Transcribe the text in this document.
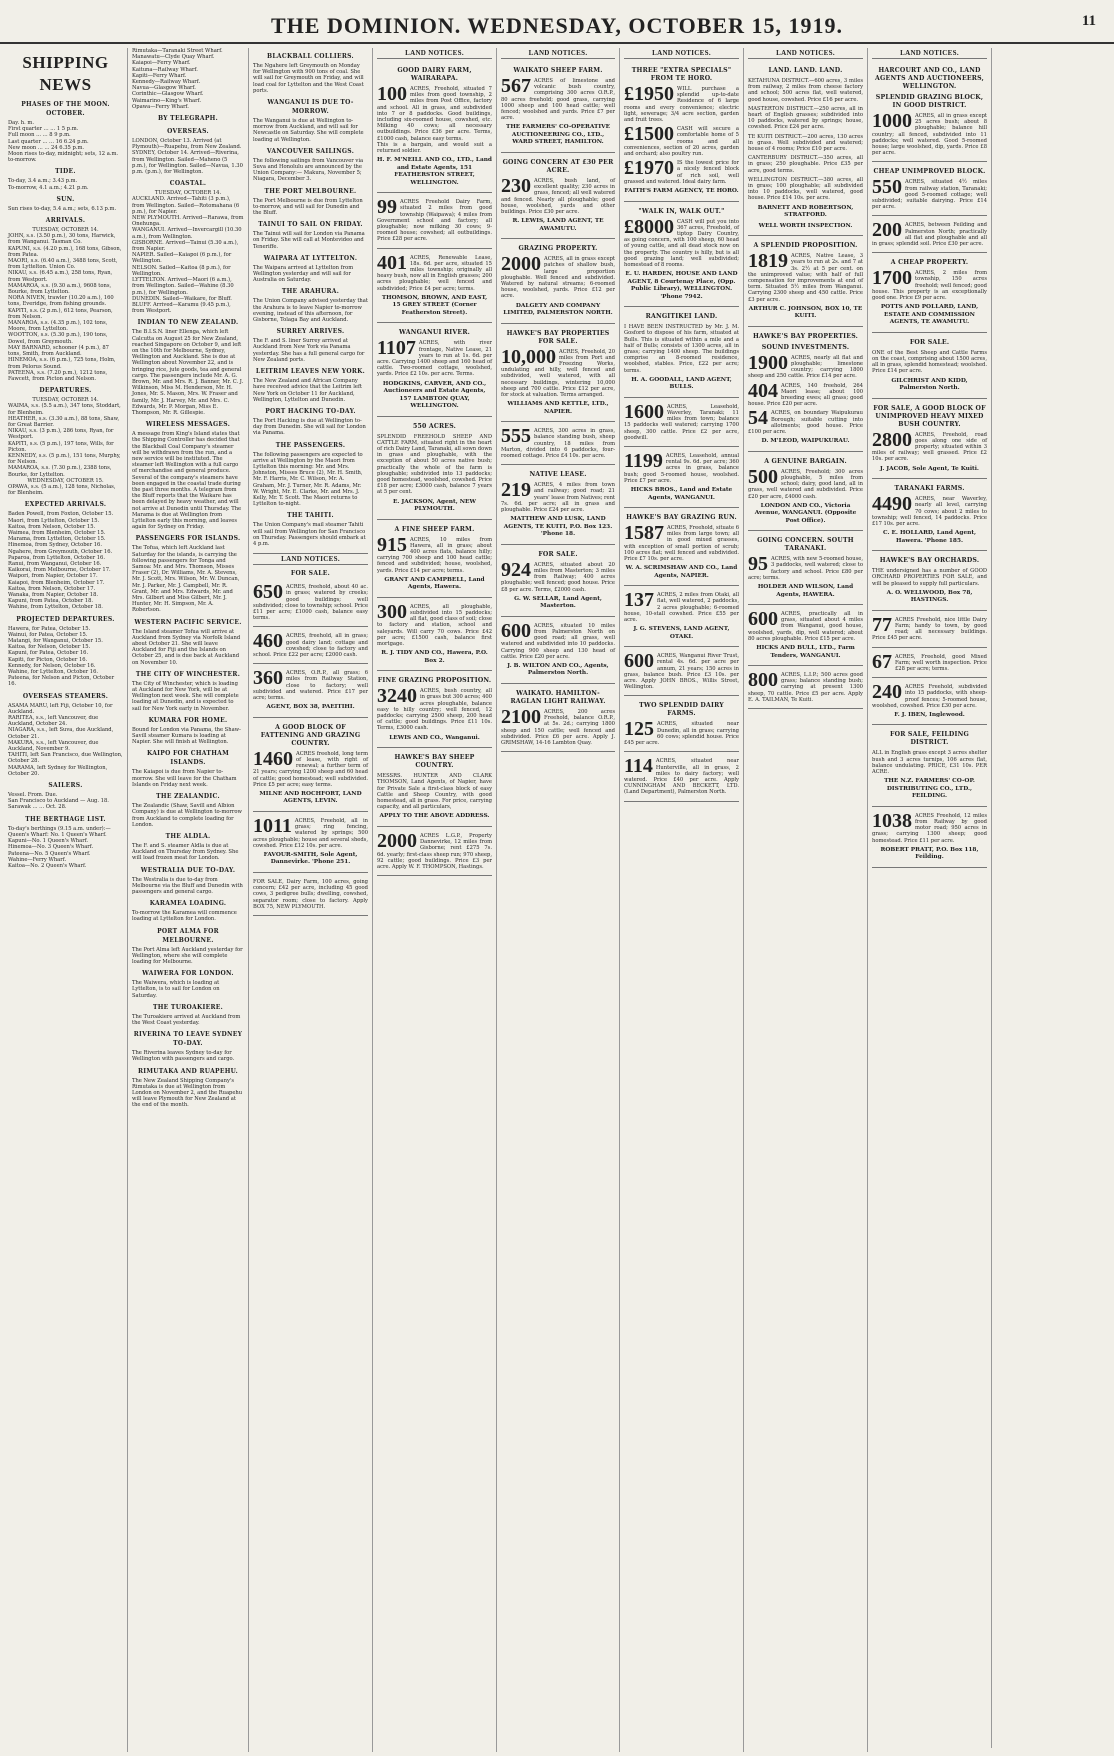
THE DOMINION. WEDNESDAY, OCTOBER 15, 1919.	11
SHIPPING NEWS
PHASES OF THE MOON. OCTOBER.
Day. h. m.
First quarter ... ... 1 5 p.m.
Full moon ... ... 8 9 p.m.
Last quarter ... ... 16 6.24 p.m.
New moon ... ... 24 6.35 p.m.
Moon rises to-day, midnight; sets, 12 a.m. to-morrow.
TIDE.
To-day, 3.4 a.m.; 3.43 p.m.
To-morrow, 4.1 a.m.; 4.21 p.m.
SUN.
Sun rises to-day, 5.4 a.m.; sets, 6.13 p.m.
ARRIVALS.
TUESDAY, OCTOBER 14.
JOHN, s.s. (3.50 p.m.), 30 tons, Harwick, from Wanganui. Tasman Co.
KAPUNI, s.s. (4.20 p.m.), 168 tons, Gibson, from Patea.
MAORI, s.s. (6.40 a.m.), 3488 tons, Scott, from Lyttelton. Union Co.
NIKAU, s.s. (6.45 a.m.), 258 tons, Ryan, from Westport.
MAMAROA, s.s. (9.30 a.m.), 9608 tons, Bourke, from Lyttelton.
NORA NIVEN, trawler (10.20 a.m.), 160 tons, Everidge, from fishing grounds.
KAPITI, s.s. (2 p.m.), 612 tons, Pearson, from Nelson.
MANAROA, s.s. (4.35 p.m.), 102 tons, Moore, from Lyttelton.
WOOTTON, s.s. (5.30 p.m.), 190 tons, Dowel, from Greymouth.
MAY BARNARD, schooner (4 p.m.), 87 tons, Smith, from Auckland.
HINEMOA, s.s. (6 p.m.), 725 tons, Holm, from Pelorus Sound.
PATEENA, s.s. (7.20 p.m.), 1212 tons, Fawcett, from Picton and Nelson.
DEPARTURES.
TUESDAY, OCTOBER 14.
WAIMA, s.s. (5.5 a.m.), 347 tons, Stoddart, for Blenheim.
HEATHER, s.s. (3.30 a.m.), 88 tons, Shaw, for Great Barrier.
NIKAU, s.s. (3 p.m.), 286 tons, Ryan, for Westport.
KAPITI, s.s. (5 p.m.), 197 tons, Wills, for Picton.
KENNEDY, s.s. (5 p.m.), 151 tons, Murphy, for Nelson.
MAMAROA, s.s. (7.30 p.m.), 2388 tons, Bourke, for Lyttelton.
WEDNESDAY, OCTOBER 15.
OPAWA, s.s. (5 a.m.), 128 tons, Nicholas, for Blenheim.
EXPECTED ARRIVALS.
Baden Powell, from Foxton, October 15.
Maori, from Lyttelton, October 15.
Kaitoa, from Nelson, October 15.
Waimea, from Blenheim, October 15.
Marama, from Lyttelton, October 15.
Hinemoa, from Sydney, October 16.
Ngahere, from Greymouth, October 16.
Paparoa, from Lyttelton, October 16.
Ranui, from Wanganui, October 16.
Kaikorai, from Melbourne, October 17.
Waipori, from Napier, October 17.
Kaiapoi, from Blenheim, October 17.
Kaitoa, from Nelson, October 17.
Wanaka, from Napier, October 18.
Kapuni, from Patea, October 18.
Wahine, from Lyttelton, October 18.
PROJECTED DEPARTURES.
Hawera, for Patea, October 15.
Wainui, for Patea, October 15.
Matangi, for Wanganui, October 15.
Kaitoa, for Nelson, October 15.
Kapuni, for Patea, October 16.
Kapiti, for Picton, October 16.
Kennedy, for Nelson, October 16.
Wahine, for Lyttelton, October 16.
Pateena, for Nelson and Picton, October 16.
OVERSEAS STEAMERS.
ASAMA MARU, left Fiji, October 10, for Auckland.
RARITEA, s.s., left Vancouver, due Auckland, October 24.
NIAGARA, s.s., left Suva, due Auckland, October 21.
MAKURA, s.s., left Vancouver, due Auckland, November 9.
TAHITI, left San Francisco, due Wellington, October 28.
MARAMA, left Sydney for Wellington, October 20.
SAILERS.
Vessel. From. Due.
San Francisco to Auckland — Aug. 18.
Sarawak ... ... Oct. 28.
THE BERTHAGE LIST.
To-day's berthings (9.15 a.m. under):—
Queen's Wharf: No. 1 Queen's Wharf.
Kapuni—No. 1 Queen's Wharf.
Hinemoa—No. 3 Queen's Wharf.
Pateena—No. 5 Queen's Wharf.
Wahine—Ferry Wharf.
Kaitoa—No. 2 Queen's Wharf.
Rimutaka—Taranaki Street Wharf.
Manawatu—Clyde Quay Wharf.
Kaiapoi—Ferry Wharf.
Kaituna—Railway Wharf.
Kapiti—Ferry Wharf.
Kennedy—Railway Wharf.
Navua—Glasgow Wharf.
Corinthic—Glasgow Wharf.
Waimarino—King's Wharf.
Opawa—Ferry Wharf.
BY TELEGRAPH.
OVERSEAS.

LONDON, October 13. Arrived (at Plymouth)—Ruapehu, from New Zealand.

SYDNEY, October 14. Arrived—Riverina, from Wellington. Sailed—Maheno (5 p.m.), for Wellington. Sailed—Navua, 1.30 p.m. (p.m.), for Wellington.

COASTAL.
TUESDAY, OCTOBER 14.
AUCKLAND. Arrived—Tahiti (3 p.m.), from Wellington. Sailed—Rotomahana (6 p.m.), for Napier.
NEW PLYMOUTH. Arrived—Rarawa, from Onehunga.
WANGANUI. Arrived—Invercargill (10.30 a.m.), from Wellington.
GISBORNE. Arrived—Tainui (5.30 a.m.), from Napier.
NAPIER. Sailed—Kaiapoi (6 p.m.), for Wellington.
NELSON. Sailed—Kaitoa (8 p.m.), for Wellington.
LYTTELTON. Arrived—Maori (6 a.m.), from Wellington. Sailed—Wahine (8.30 p.m.), for Wellington.
DUNEDIN. Sailed—Waikare, for Bluff.
BLUFF. Arrived—Karamu (9.45 p.m.), from Westport.
INDIAN TO NEW ZEALAND.

The B.I.S.N. liner Ellenga, which left Calcutta on August 25 for New Zealand, reached Singapore on October 9, and left on the 10th for Melbourne, Sydney, Wellington and Auckland. She is due at Wellington about November 22, and is bringing rice, jute goods, tea and general cargo. The passengers include Mr. A. G. Brown, Mr. and Mrs. R. J. Banner, Mr. C. J. Wilkinson, Miss M. Henderson, Mr. H. Jones, Mr. S. Mason, Mrs. W. Fraser and family, Mr. J. Harvey, Mr. and Mrs. C. Edwards, Mr. P. Morgan, Miss E. Thompson, Mr. R. Gillespie.

WIRELESS MESSAGES.

A message from King's Island states that the Shipping Controller has decided that the Blackball Coal Company's steamer will be withdrawn from the run, and a new service will be instituted. The steamer left Wellington with a full cargo of merchandise and general produce. Several of the company's steamers have been engaged in the coastal trade during the past three months. A telegram from the Bluff reports that the Waikare has been delayed by heavy weather, and will not arrive at Dunedin until Thursday. The Marama is due at Wellington from Lyttelton early this morning, and leaves again for Sydney on Friday.

PASSENGERS FOR ISLANDS.

The Tofua, which left Auckland last Saturday for the islands, is carrying the following passengers for Tonga and Samoa: Mr. and Mrs. Thomson, Misses Fraser (2), Dr. Williams, Mr. A. Stevens, Mr. J. Scott, Mrs. Wilson, Mr. W. Duncan, Mr. J. Parker, Mr. J. Campbell, Mr. R. Grant, Mr. and Mrs. Edwards, Mr. and Mrs. Gilbert and Miss Gilbert, Mr. J. Hunter, Mr. H. Simpson, Mr. A. Robertson.

WESTERN PACIFIC SERVICE.

The Island steamer Tofua will arrive at Auckland from Sydney via Norfolk Island about October 21. She will leave Auckland for Fiji and the Islands on October 25, and is due back at Auckland on November 10.

THE CITY OF WINCHESTER.

The City of Winchester, which is loading at Auckland for New York, will be at Wellington next week. She will complete loading at Dunedin, and is expected to sail for New York early in November.

KUMARA FOR HOME.

Bound for London via Panama, the Shaw-Savill steamer Kumara is loading at Napier. She will finish at Wellington.

KAIPO FOR CHATHAM ISLANDS.

The Kaiapoi is due from Napier to-morrow. She will leave for the Chatham Islands on Friday next week.

THE ZEALANDIC.

The Zealandic (Shaw, Savill and Albion Company) is due at Wellington to-morrow from Auckland to complete loading for London.

THE ALDLA.

The F. and S. steamer Aldla is due at Auckland on Thursday from Sydney. She will load frozen meat for London.

WESTRALIA DUE TO-DAY.

The Westralia is due to-day from Melbourne via the Bluff and Dunedin with passengers and general cargo.

KARAMEA LOADING.

To-morrow the Karamea will commence loading at Lyttelton for London.

PORT ALMA FOR MELBOURNE.

The Port Alma left Auckland yesterday for Wellington, where she will complete loading for Melbourne.

WAIWERA FOR LONDON.

The Waiwera, which is loading at Lyttelton, is to sail for London on Saturday.

THE TUROAKIERE.

The Turoakiere arrived at Auckland from the West Coast yesterday.

RIVERINA TO LEAVE SYDNEY TO-DAY.

The Riverina leaves Sydney to-day for Wellington with passengers and cargo.

RIMUTAKA AND RUAPEHU.

The New Zealand Shipping Company's Rimutaka is due at Wellington from London on November 2, and the Ruapehu will leave Plymouth for New Zealand at the end of the month.

BLACKBALL COLLIERS.

The Ngahere left Greymouth on Monday for Wellington with 900 tons of coal. She will sail for Greymouth on Friday, and will load coal for Lyttelton and the West Coast ports.

WANGANUI IS DUE TO-MORROW.

The Wanganui is due at Wellington to-morrow from Auckland, and will sail for Newcastle on Saturday. She will complete loading at Wellington.

VANCOUVER SAILINGS.

The following sailings from Vancouver via Suva and Honolulu are announced by the Union Company:— Makura, November 5; Niagara, December 3.

THE PORT MELBOURNE.

The Port Melbourne is due from Lyttelton to-morrow, and will sail for Dunedin and the Bluff.

TAINUI TO SAIL ON FRIDAY.

The Tainui will sail for London via Panama on Friday. She will call at Montevideo and Teneriffe.

WAIPARA AT LYTTELTON.

The Waipara arrived at Lyttelton from Wellington yesterday and will sail for Australia on Saturday.

THE ARAHURA.

The Union Company advised yesterday that the Arahura is to leave Napier to-morrow evening, instead of this afternoon, for Gisborne, Tolaga Bay and Auckland.

SURREY ARRIVES.

The F. and S. liner Surrey arrived at Auckland from New York via Panama yesterday. She has a full general cargo for New Zealand ports.

LEITRIM LEAVES NEW YORK.

The New Zealand and African Company have received advice that the Leitrim left New York on October 11 for Auckland, Wellington, Lyttelton and Dunedin.

PORT HACKING TO-DAY.

The Port Hacking is due at Wellington to-day from Dunedin. She will sail for London via Panama.

THE PASSENGERS.

The following passengers are expected to arrive at Wellington by the Maori from Lyttelton this morning: Mr. and Mrs. Johnston, Misses Bruce (2), Mr. H. Smith, Mr. F. Harris, Mr. C. Wilson, Mr. A. Graham, Mr. J. Turner, Mr. R. Adams, Mr. W. Wright, Mr. E. Clarke, Mr. and Mrs. J. Kelly, Mr. T. Scott. The Maori returns to Lyttelton to-night.

THE TAHITI.

The Union Company's mail steamer Tahiti will sail from Wellington for San Francisco on Thursday. Passengers should embark at 4 p.m.

LAND NOTICES.
FOR SALE.
650 ACRES, freehold, about 40 ac. in grass; watered by creeks; good buildings; well subdivided; close to township; school. Price £11 per acre; £1000 cash, balance easy terms.
460 ACRES, freehold, all in grass; good dairy land; cottage and cowshed; close to factory and school. Price £22 per acre; £2000 cash.
360 ACRES, O.R.P., all grass; 6 miles from Railway Station, close to factory; well subdivided and watered. Price £17 per acre; terms.
AGENT, BOX 38, PAEITIHI.
A GOOD BLOCK OF FATTENING AND GRAZING COUNTRY.
1460 ACRES freehold, long term of lease, with right of renewal; a further term of 21 years; carrying 1200 sheep and 60 head of cattle; good homestead; well subdivided. Price £5 per acre; easy terms.
MILNE AND ROCHFORT, LAND AGENTS, LEVIN.
1011 ACRES, Freehold, all in grass; ring fencing, watered by springs; 500 acres ploughable; house and several sheds, cowshed. Price £12 10s. per acre.
FAVOUR-SMITH, Sole Agent, Dannevirke. 'Phone 251.
FOR SALE, Dairy Farm, 100 acres, going concern; £42 per acre, including 45 good cows, 3 pedigree bulls; dwelling, cowshed, separator room; close to factory. Apply BOX 75, NEW PLYMOUTH.
LAND NOTICES.
GOOD DAIRY FARM, WAIRARAPA.
100 ACRES, Freehold, situated 7 miles from good township, 2 miles from Post Office, factory and school. All in grass, and subdivided into 7 or 8 paddocks. Good buildings, including six-roomed house, cowshed, etc. Milking 40 cows; all necessary outbuildings. Price £36 per acre. Terms, £1000 cash, balance easy terms.

This is a bargain, and would suit a returned soldier.

H. F. M'NEILL AND CO., LTD., Land and Estate Agents, 151 FEATHERSTON STREET, WELLINGTON.
99 ACRES Freehold Dairy Farm, situated 2 miles from good township (Waipawa); 4 miles from Government school and factory; all ploughable; now milking 30 cows; 9-roomed house; cowshed; all outbuildings. Price £28 per acre.
401 ACRES, Renewable Lease, 18s. 6d. per acre, situated 15 miles township; originally all heavy bush, now all in English grasses; 200 acres ploughable; well fenced and subdivided; Price £4 per acre; terms.
THOMSON, BROWN, AND EAST, 15 GREY STREET (Corner Featherston Street).
WANGANUI RIVER.
1107 ACRES, with river frontage, Native Lease, 21 years to run at 1s. 6d. per acre. Carrying 1400 sheep and 160 head of cattle. Two-roomed cottage, woolshed, yards. Price £2 10s. per acre. Terms.
HODGKINS, CARVER, AND CO., Auctioneers and Estate Agents, 157 LAMBTON QUAY, WELLINGTON.
550 ACRES.
SPLENDID FREEHOLD SHEEP AND CATTLE FARM, situated right in the heart of rich Dairy Land, Taranaki, all sown down in grass and ploughable, with the exception of about 50 acres native bush; practically the whole of the farm is ploughable; subdivided into 13 paddocks; good homestead, woolshed, cowshed. Price £18 per acre; £3000 cash, balance 7 years at 5 per cent.
E. JACKSON, Agent, NEW PLYMOUTH.
A FINE SHEEP FARM.
915 ACRES, 10 miles from Hawera, all in grass; about 400 acres flats, balance hilly; carrying 700 sheep and 100 head cattle; fenced and subdivided; house, woolshed, yards. Price £14 per acre; terms.
GRANT AND CAMPBELL, Land Agents, Hawera.
300 ACRES, all ploughable, subdivided into 15 paddocks; all flat, good class of soil; close to factory and station, school and saleyards. Will carry 70 cows. Price £42 per acre; £1500 cash, balance first mortgage.
R. J. TIDY AND CO., Hawera, P.O. Box 2.
FINE GRAZING PROPOSITION.
3240 ACRES, bush country, all in grass but 300 acres; 400 acres ploughable, balance easy to hilly country; well fenced, 12 paddocks; carrying 2500 sheep, 200 head of cattle; good buildings. Price £11 10s. Terms, £3000 cash.
LEWIS AND CO., Wanganui.
HAWKE'S BAY SHEEP COUNTRY.
MESSRS. HUNTER AND CLARK THOMSON, Land Agents, of Napier, have for Private Sale a first-class block of easy Cattle and Sheep Country, with good homestead, all in grass. For price, carrying capacity, and all particulars,
APPLY TO THE ABOVE ADDRESS.
2000 ACRES L.G.P., Property Dannevirke, 12 miles from Gisborne; rent £275 7s. 6d. yearly; first-class sheep run; 970 sheep, 92 cattle; good buildings. Price £3 per acre. Apply W. F. THOMPSON, Hastings.
LAND NOTICES.
WAIKATO SHEEP FARM.
567 ACRES of limestone and volcanic bush country, comprising 300 acres O.R.P., 80 acres freehold; good grass, carrying 1000 sheep and 100 head cattle; well fenced; woolshed and yards. Price £7 per acre.
THE FARMERS' CO-OPERATIVE AUCTIONEERING CO., LTD., WARD STREET, HAMILTON.
GOING CONCERN AT £30 PER ACRE.
230 ACRES, bush land, of excellent quality; 230 acres in grass, fenced; all well watered and fenced. Nearly all ploughable; good house, woolshed, yards and other buildings. Price £30 per acre.
R. LEWIS, LAND AGENT, TE AWAMUTU.
GRAZING PROPERTY.
2000 ACRES, all in grass except patches of shallow bush, large proportion ploughable. Well fenced and subdivided. Watered by natural streams; 6-roomed house, woolshed, yards. Price £12 per acre.
DALGETY AND COMPANY LIMITED, PALMERSTON NORTH.
HAWKE'S BAY PROPERTIES FOR SALE.
10,000 ACRES, Freehold, 20 miles from Port and Freezing Works, undulating and hilly, well fenced and subdivided, well watered, with all necessary buildings, wintering 10,000 sheep and 700 cattle. Price £12 per acre, for stock at valuation. Terms arranged.
WILLIAMS AND KETTLE, LTD., NAPIER.
555 ACRES, 300 acres in grass, balance standing bush, sheep country, 18 miles from Marton, divided into 6 paddocks, four-roomed cottage. Price £4 10s. per acre.
NATIVE LEASE.
219 ACRES, 4 miles from town and railway; good road; 21 years' lease from Natives; rent 7s. 6d. per acre; all in grass and ploughable. Price £24 per acre.
MATTHEW AND LUSK, LAND AGENTS, TE KUITI, P.O. Box 123. 'Phone 18.
FOR SALE.
924 ACRES, situated about 20 miles from Masterton; 3 miles from Railway; 400 acres ploughable; well fenced; good house. Price £8 per acre. Terms, £2000 cash.
G. W. SELLAR, Land Agent, Masterton.
600 ACRES, situated 10 miles from Palmerston North on good road; all grass, well watered and subdivided into 10 paddocks. Carrying 900 sheep and 130 head of cattle. Price £20 per acre.
J. B. WILTON AND CO., Agents, Palmerston North.
WAIKATO. HAMILTON-RAGLAN LIGHT RAILWAY.
2100 ACRES, 200 acres Freehold, balance O.R.P., at 5s. 2d.; carrying 1800 sheep and 150 cattle; well fenced and subdivided. Price £6 per acre. Apply J. GRIMSHAW, 14-16 Lambton Quay.
LAND NOTICES.
THREE "EXTRA SPECIALS" FROM TE HORO.

£1950 WILL purchase a splendid up-to-date Residence of 6 large rooms and every convenience; electric light, sewerage; 3/4 acre section, garden and fruit trees.

£1500 CASH will secure a comfortable home of 5 rooms and all conveniences, section of 20 acres, garden and orchard; also poultry run.

£1970 IS the lowest price for a nicely fenced block of rich soil, well grassed and watered. Ideal dairy farm.

FAITH'S FARM AGENCY, TE HORO.
"WALK IN, WALK OUT."
£8000 CASH will put you into 367 acres, Freehold, of tiptop Dairy Country, as going concern, with 100 sheep, 60 head of young cattle, and all dead stock now on the property. The country is hilly, but is all good grazing land; well subdivided; homestead of 8 rooms.
E. U. HARDEN, HOUSE AND LAND AGENT, 8 Courtenay Place, (Opp. Public Library), WELLINGTON. 'Phone 7942.
RANGITIKEI LAND.
I HAVE BEEN INSTRUCTED by Mr. J. M. Gosford to dispose of his farm, situated at Bulls. This is situated within a mile and a half of Bulls; consists of 1300 acres, all in grass; carrying 1400 sheep. The buildings comprise an 8-roomed residence, woolshed, stables. Price, £22 per acre; terms.
H. A. GOODALL, LAND AGENT, BULLS.
1600 ACRES, Leasehold, Waverley, Taranaki; 11 miles from town; balance 15 paddocks well watered; carrying 1700 sheep, 300 cattle. Price £2 per acre, goodwill.
1199 ACRES, Leasehold, annual rental 9s. 6d. per acre; 360 acres in grass, balance bush; good 5-roomed house, woolshed. Price £7 per acre.
HICKS BROS., Land and Estate Agents, WANGANUI.
HAWKE'S BAY GRAZING RUN.
1587 ACRES, Freehold, situate 6 miles from large town; all in good mixed grasses, with exception of small portion of scrub; 100 acres flat; well fenced and subdivided. Price £7 10s. per acre.
W. A. SCRIMSHAW AND CO., Land Agents, NAPIER.
137 ACRES, 2 miles from Otaki, all flat, well watered, 2 paddocks, 2 acres ploughable; 6-roomed house, 10-stall cowshed. Price £55 per acre.
J. G. STEVENS, LAND AGENT, OTAKI.
600 ACRES, Wanganui River Trust, rental 4s. 6d. per acre per annum, 21 years; 150 acres in grass, balance bush. Price £3 10s. per acre. Apply JOHN BROS., Willis Street, Wellington.
TWO SPLENDID DAIRY FARMS.
125 ACRES, situated near Dunedin, all in grass; carrying 60 cows; splendid house. Price £45 per acre.
114 ACRES, situated near Hunterville, all in grass, 2 miles to dairy factory; well watered. Price £40 per acre. Apply CUNNINGHAM AND BECKETT, LTD. (Land Department), Palmerston North.
LAND NOTICES.
LAND. LAND. LAND.

KETAHUNA DISTRICT.—600 acres, 3 miles from railway, 2 miles from cheese factory and school; 500 acres flat, well watered, good house, cowshed. Price £16 per acre.

MASTERTON DISTRICT.—250 acres, all in heart of English grasses; subdivided into 10 paddocks, watered by springs; house, cowshed. Price £24 per acre.

TE KUITI DISTRICT.—200 acres, 130 acres in grass. Well subdivided and watered; house of 4 rooms; Price £10 per acre.

CANTERBURY DISTRICT.—350 acres, all in grass; 250 ploughable. Price £35 per acre, good terms.

WELLINGTON DISTRICT.—380 acres, all in grass; 100 ploughable; all subdivided into 10 paddocks, well watered, good house. Price £14 10s. per acre.

BARNETT AND ROBERTSON, STRATFORD.
WELL WORTH INSPECTION.
A SPLENDID PROPOSITION.
1819 ACRES, Native Lease, 3 years to run at 2s. and 7 at 3s. 2½ at 5 per cent. on the unimproved value; with half of full compensation for improvements at end of term. Situated 5½ miles from Wanganui. Carrying 2300 sheep and 450 cattle. Price £3 per acre.
ARTHUR C. JOHNSON, BOX 10, TE KUITI.
HAWKE'S BAY PROPERTIES.
SOUND INVESTMENTS.

1900 ACRES, nearly all flat and ploughable; limestone country; carrying 1800 sheep and 250 cattle. Price £14 per acre.

404 ACRES, 140 freehold, 264 Maori lease; about 100 breeding ewes; all grass; good house. Price £20 per acre.

54 ACRES, on boundary Waipukurau Borough; suitable cutting into allotments; good house. Price £100 per acre.

D. M'LEOD, WAIPUKURAU.
A GENUINE BARGAIN.
500 ACRES, Freehold; 300 acres ploughable, 5 miles from school; dairy, good land, all in grass, well watered and subdivided. Price £20 per acre, £4000 cash.
LONDON AND CO., Victoria Avenue, WANGANUI. (Opposite Post Office).
GOING CONCERN. SOUTH TARANAKI.
95 ACRES, with new 5-roomed house, 3 paddocks, well watered; close to factory and school. Price £80 per acre; terms.
HOLDER AND WILSON, Land Agents, HAWERA.
600 ACRES, practically all in grass, situated about 4 miles from Wanganui, good house, woolshed, yards, dip, well watered; about 80 acres ploughable. Price £15 per acre.
HICKS AND BULL, LTD., Farm Tenders, WANGANUI.
800 ACRES, L.I.P.; 500 acres good grass; balance standing bush; carrying at present 1300 sheep, 70 cattle. Price £5 per acre. Apply E. A. TAILMAN, Te Kuiti.
LAND NOTICES.
HARCOURT AND CO., LAND AGENTS AND AUCTIONEERS, WELLINGTON.
SPLENDID GRAZING BLOCK, IN GOOD DISTRICT.
1000 ACRES, all in grass except 25 acres bush; about 8 ploughable; balance hill country; all fenced, subdivided into 11 paddocks; well watered. Good 5-roomed house; large woolshed, dip, yards. Price £8 per acre.
CHEAP UNIMPROVED BLOCK.
550 ACRES, situated 4½ miles from railway station, Taranaki; good 5-roomed cottage; well subdivided; suitable dairying. Price £14 per acre.
200 ACRES, between Feilding and Palmerston North; practically all flat and ploughable and all in grass; splendid soil. Price £30 per acre.
A CHEAP PROPERTY.
1700 ACRES, 2 miles from township, 150 acres freehold; well fenced; good house. This property is an exceptionally good one. Price £9 per acre.
POTTS AND POLLARD, LAND, ESTATE AND COMMISSION AGENTS, TE AWAMUTU.
FOR SALE.
ONE of the Best Sheep and Cattle Farms on the coast, comprising about 1500 acres, all in grass, splendid homestead; woolshed. Price £14 per acre.
GILCHRIST AND KIDD, Palmerston North.
FOR SALE, A GOOD BLOCK OF UNIMPROVED HEAVY MIXED BUSH COUNTRY.
2800 ACRES, Freehold, road goes along one side of property; situated within 3 miles of railway; well grassed. Price £2 10s. per acre.
J. JACOB, Sole Agent, Te Kuiti.
TARANAKI FARMS.
4490 ACRES, near Waverley, nearly all level, carrying 70 cows; about 2 miles to township; well fenced, 14 paddocks. Price £17 10s. per acre.
C. E. HOLLARD, Land Agent, Hawera. 'Phone 185.
HAWKE'S BAY ORCHARDS.
THE undersigned has a number of GOOD ORCHARD PROPERTIES FOR SALE, and will be pleased to supply full particulars.
A. O. WELLWOOD, Box 78, HASTINGS.
77 ACRES Freehold, nice little Dairy Farm; handy to town, by good road; all necessary buildings. Price £45 per acre.
67 ACRES, Freehold, good Mixed Farm; well worth inspection. Price £28 per acre; terms.
240 ACRES Freehold, subdivided into 15 paddocks, with sheep-proof fences; 5-roomed house, woolshed, cowshed. Price £30 per acre.
F. J. IBEN, Inglewood.
FOR SALE, FEILDING DISTRICT.
ALL in English grass except 3 acres shelter bush and 3 acres turnips, 106 acres flat, balance undulating. PRICE, £31 10s. PER ACRE.
THE N.Z. FARMERS' CO-OP. DISTRIBUTING CO., LTD., FEILDING.
1038 ACRES Freehold, 12 miles from Railway by good motor road; 950 acres in grass; carrying 1300 sheep; good homestead. Price £11 per acre.
ROBERT PRATT, P.O. Box 118, Feilding.
